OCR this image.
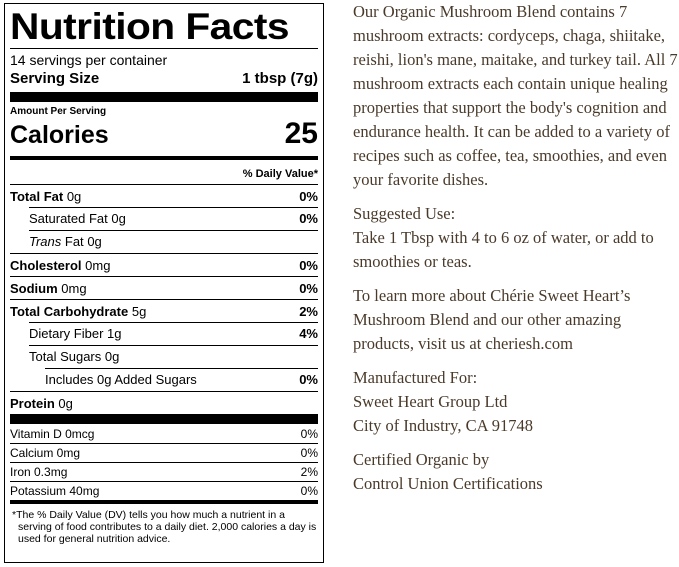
Nutrition Facts
14 servings per container
Serving Size	1 tbsp (7g)
Amount Per Serving
Calories	25
% Daily Value*
Total Fat 0g	0%
Saturated Fat 0g	0%
Trans Fat 0g
Cholesterol 0mg	0%
Sodium 0mg	0%
Total Carbohydrate 5g	2%
Dietary Fiber 1g	4%
Total Sugars 0g
Includes 0g Added Sugars	0%
Protein 0g
Vitamin D 0mcg	0%
Calcium 0mg	0%
Iron 0.3mg	2%
Potassium 40mg	0%
*The % Daily Value (DV) tells you how much a nutrient in a serving of food contributes to a daily diet. 2,000 calories a day is used for general nutrition advice.

Our Organic Mushroom Blend contains 7 mushroom extracts: cordyceps, chaga, shiitake, reishi, lion's mane, maitake, and turkey tail. All 7 mushroom extracts each contain unique healing properties that support the body's cognition and endurance health. It can be added to a variety of recipes such as coffee, tea, smoothies, and even your favorite dishes.

Suggested Use:

Take 1 Tbsp with 4 to 6 oz of water, or add to smoothies or teas.

To learn more about Chérie Sweet Heart’s Mushroom Blend and our other amazing products, visit us at cheriesh.com

Manufactured For:

Sweet Heart Group Ltd

City of Industry, CA 91748

Certified Organic by

Control Union Certifications
